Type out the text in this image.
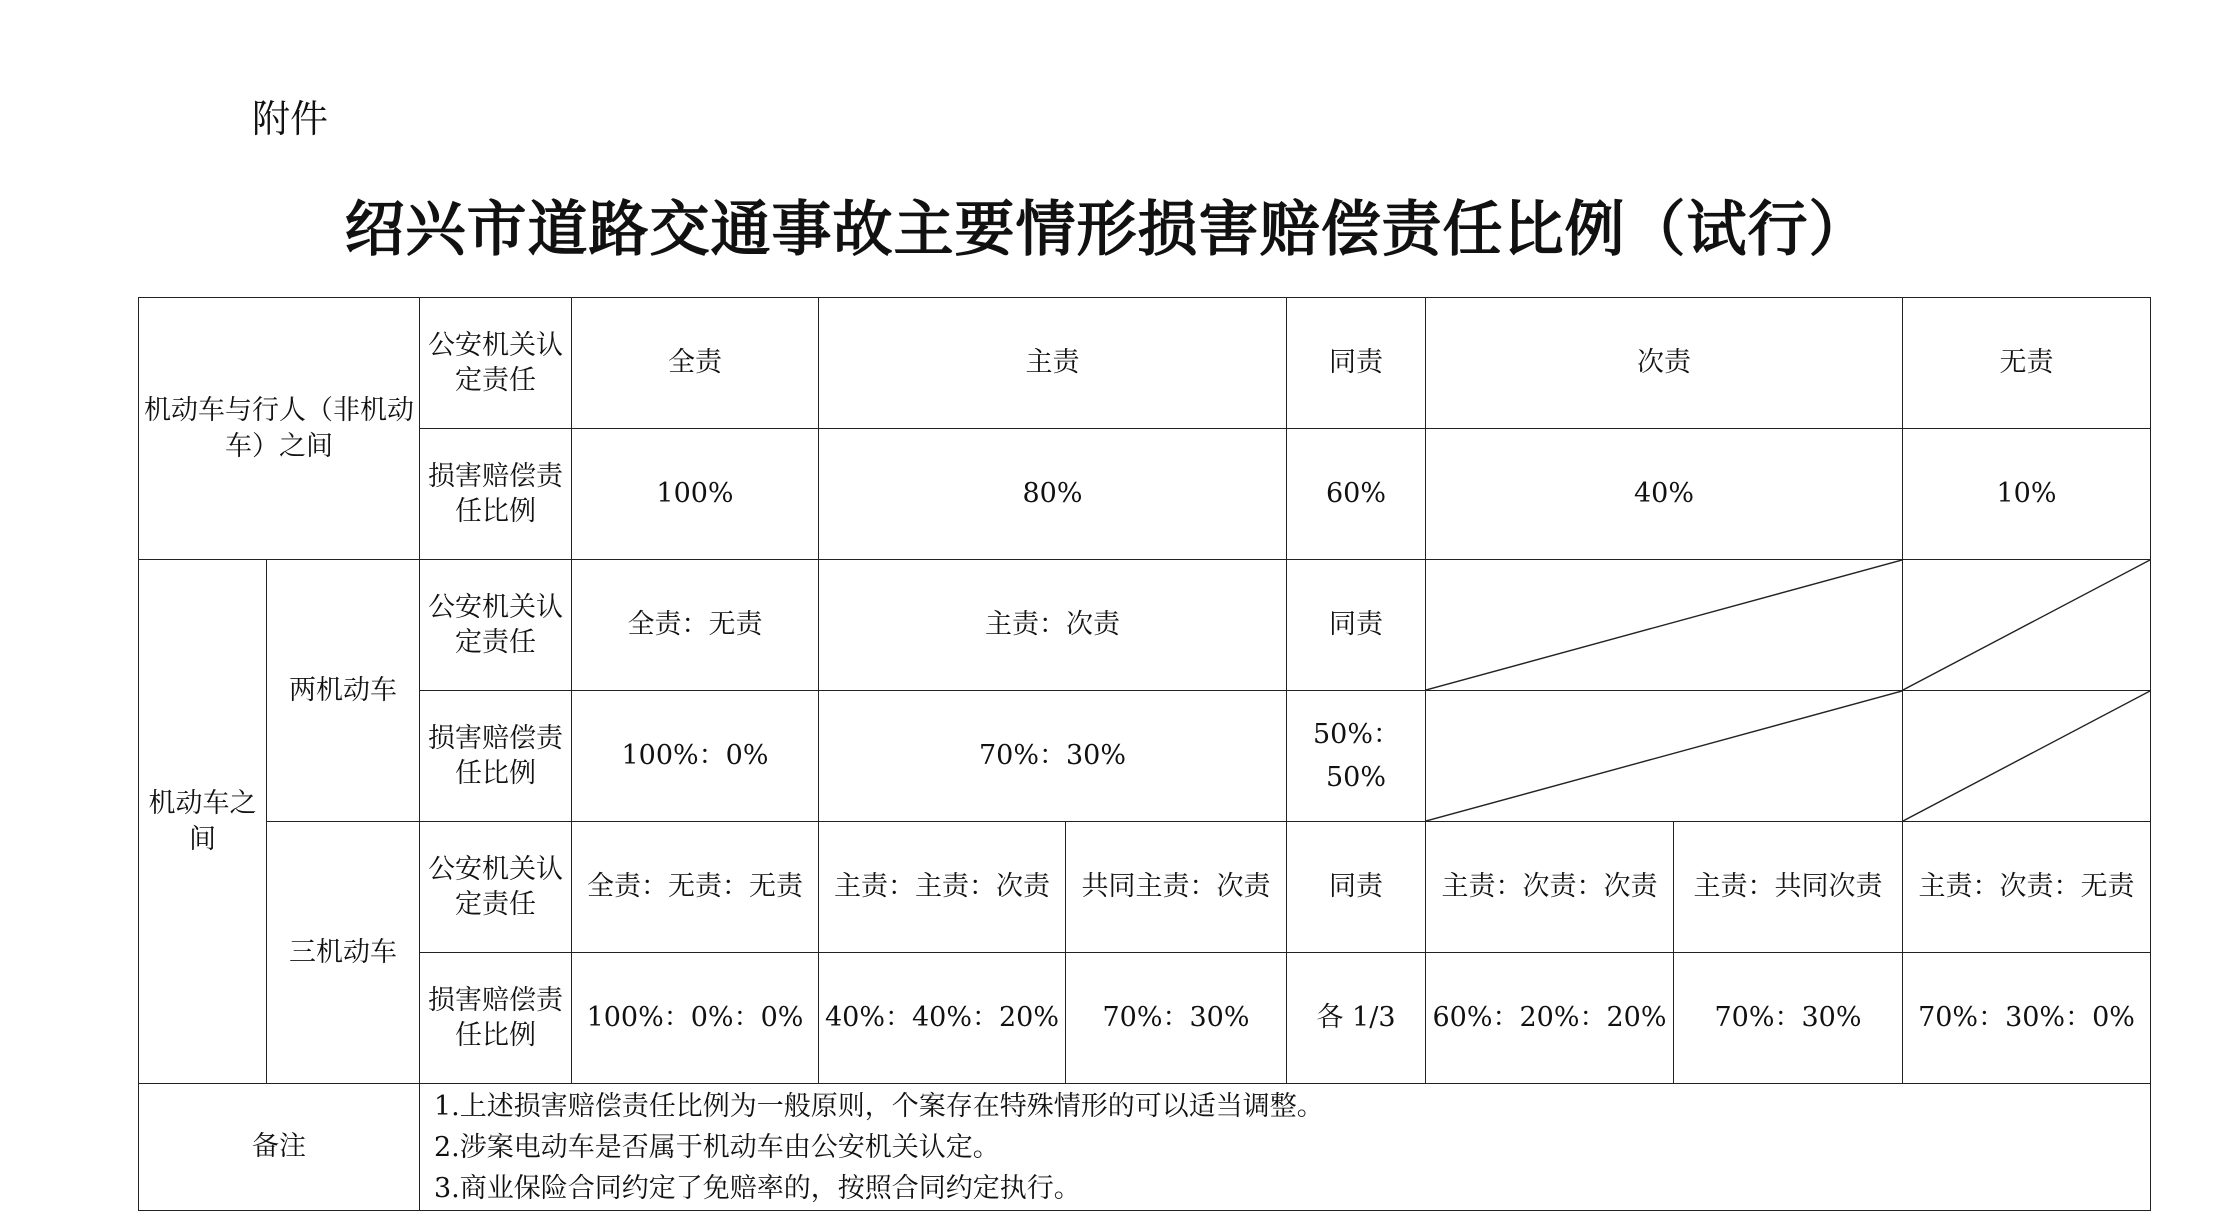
附件
绍兴市道路交通事故主要情形损害赔偿责任比例（试行）
机动车与行人（非机动车）之间		公安机关认定责任	全责	主责		同责	次责		无责
		损害赔偿责任比例	100%	80%		60%	40%		10%
机动车之间	两机动车	公安机关认定责任	全责：无责	主责：次责		同责	

		损害赔偿责任比例	100%：0%	70%：30%		50%：50%	

	三机动车	公安机关认定责任	全责：无责：无责	主责：主责：次责	共同主责：次责	同责	主责：次责：次责	主责：共同次责	主责：次责：无责
		损害赔偿责任比例	100%：0%：0%	40%：40%：20%	70%：30%	各 1/3	60%：20%：20%	70%：30%	70%：30%：0%
备注		1.上述损害赔偿责任比例为一般原则，个案存在特殊情形的可以适当调整。
2.涉案电动车是否属于机动车由公安机关认定。
3.商业保险合同约定了免赔率的，按照合同约定执行。							
